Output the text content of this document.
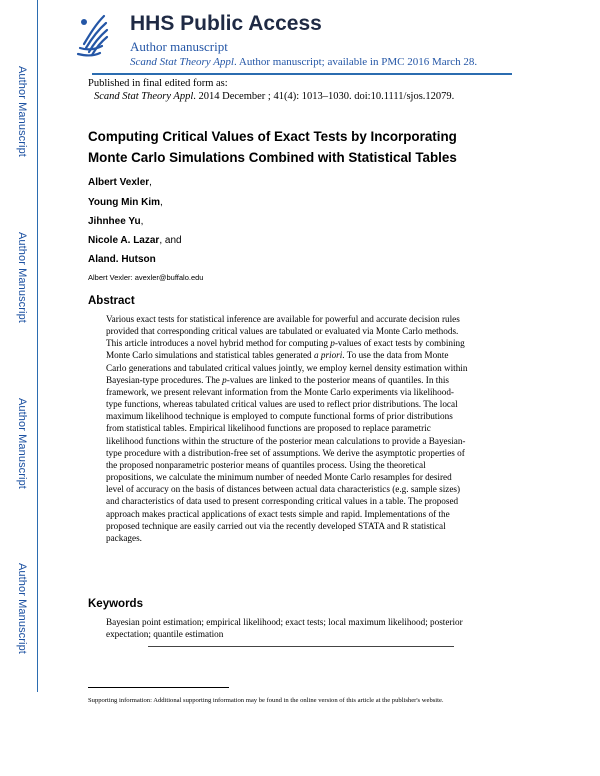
Author Manuscript
Author Manuscript
Author Manuscript
Author Manuscript
HHS Public Access
Author manuscript
Scand Stat Theory Appl. Author manuscript; available in PMC 2016 March 28.
Published in final edited form as:
Scand Stat Theory Appl. 2014 December ; 41(4): 1013–1030. doi:10.1111/sjos.12079.
Computing Critical Values of Exact Tests by Incorporating
Monte Carlo Simulations Combined with Statistical Tables
Albert Vexler,
Young Min Kim,
Jihnhee Yu,
Nicole A. Lazar, and
Aland. Hutson
Albert Vexler: avexler@buffalo.edu
Abstract
Various exact tests for statistical inference are available for powerful and accurate decision rules
provided that corresponding critical values are tabulated or evaluated via Monte Carlo methods.
This article introduces a novel hybrid method for computing p-values of exact tests by combining
Monte Carlo simulations and statistical tables generated a priori. To use the data from Monte
Carlo generations and tabulated critical values jointly, we employ kernel density estimation within
Bayesian-type procedures. The p-values are linked to the posterior means of quantiles. In this
framework, we present relevant information from the Monte Carlo experiments via likelihood-
type functions, whereas tabulated critical values are used to reflect prior distributions. The local
maximum likelihood technique is employed to compute functional forms of prior distributions
from statistical tables. Empirical likelihood functions are proposed to replace parametric
likelihood functions within the structure of the posterior mean calculations to provide a Bayesian-
type procedure with a distribution-free set of assumptions. We derive the asymptotic properties of
the proposed nonparametric posterior means of quantiles process. Using the theoretical
propositions, we calculate the minimum number of needed Monte Carlo resamples for desired
level of accuracy on the basis of distances between actual data characteristics (e.g. sample sizes)
and characteristics of data used to present corresponding critical values in a table. The proposed
approach makes practical applications of exact tests simple and rapid. Implementations of the
proposed technique are easily carried out via the recently developed STATA and R statistical
packages.
Keywords
Bayesian point estimation; empirical likelihood; exact tests; local maximum likelihood; posterior
expectation; quantile estimation
Supporting information: Additional supporting information may be found in the online version of this article at the publisher's website.
